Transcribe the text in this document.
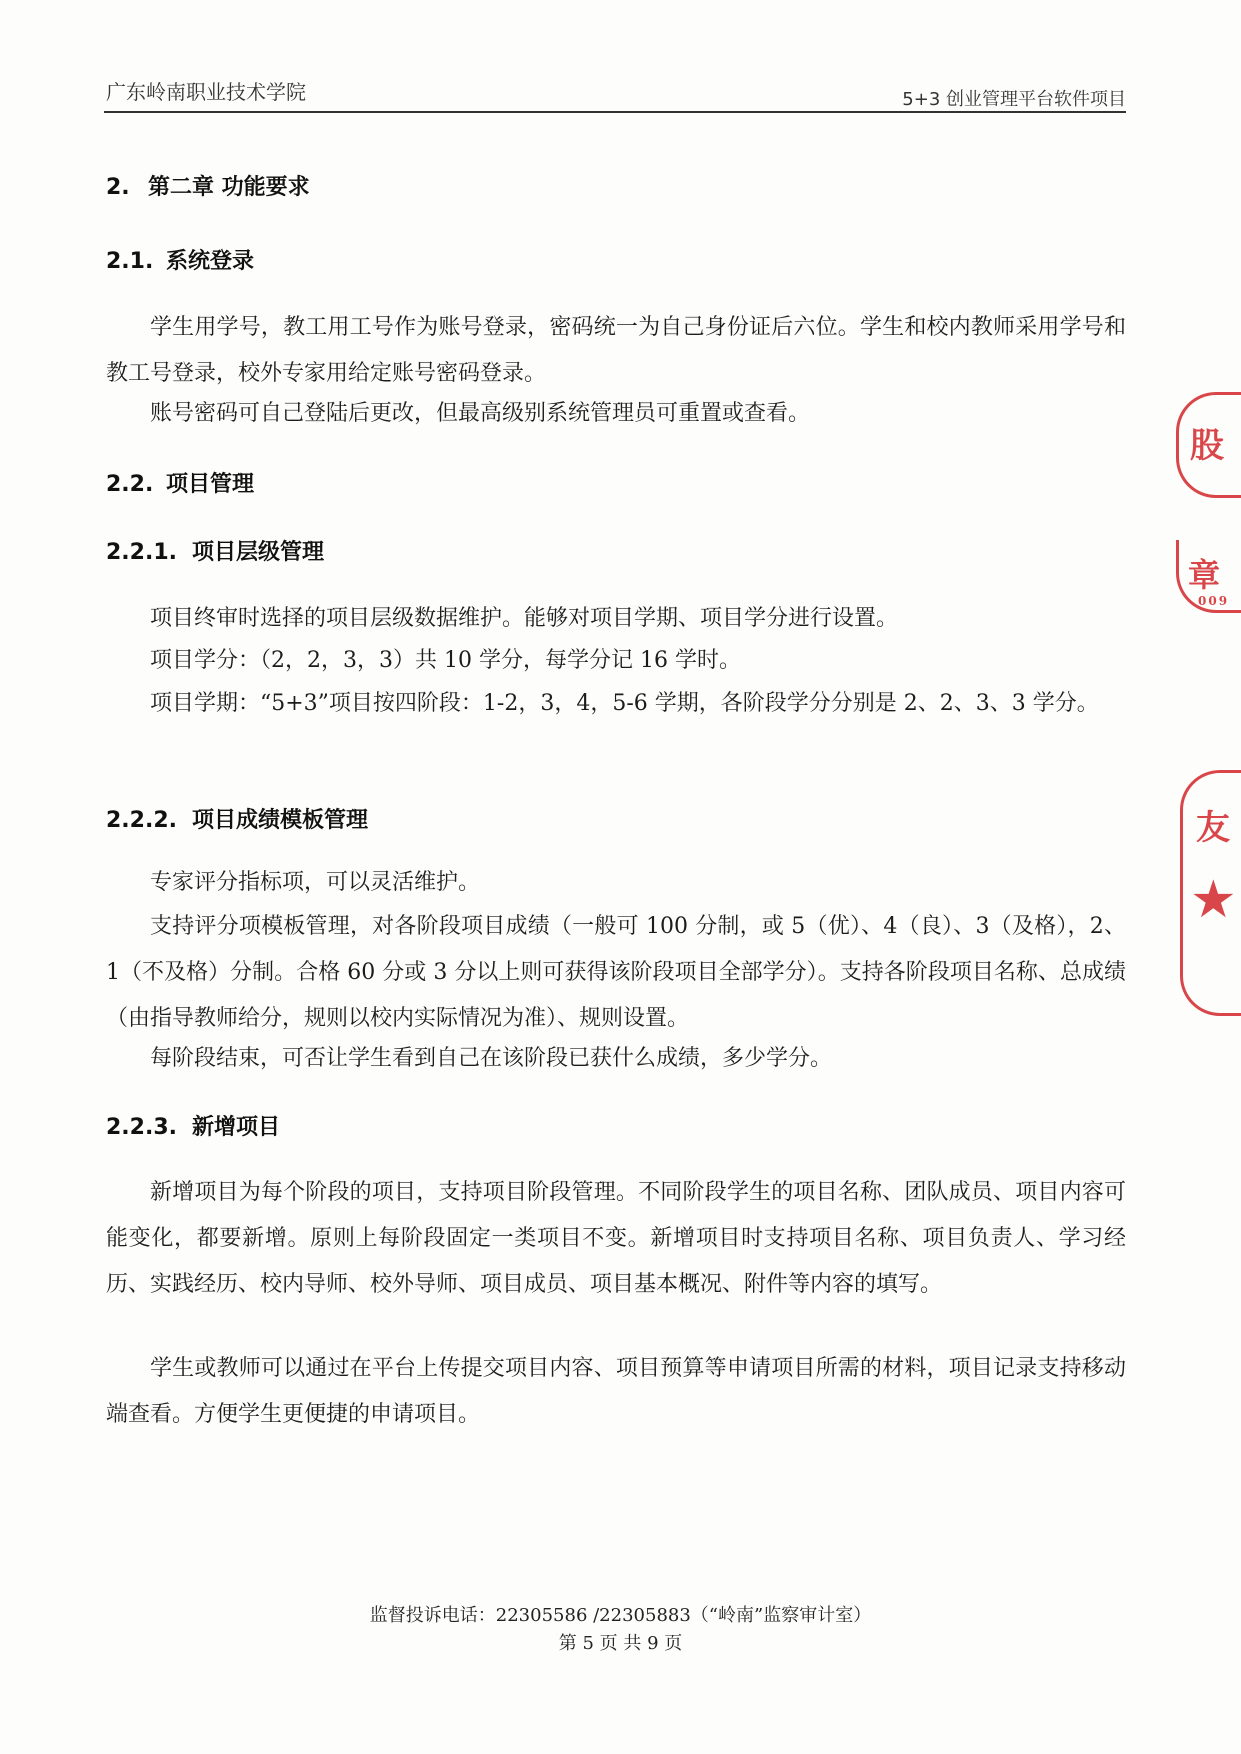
广东岭南职业技术学院	5+3 创业管理平台软件项目
2. 第二章 功能要求
2.1. 系统登录

学生用学号，教工用工号作为账号登录，密码统一为自己身份证后六位。学生和校内教师采用学号和教工号登录，校外专家用给定账号密码登录。

账号密码可自己登陆后更改，但最高级别系统管理员可重置或查看。

2.2. 项目管理
2.2.1. 项目层级管理

项目终审时选择的项目层级数据维护。能够对项目学期、项目学分进行设置。

项目学分：（2，2，3，3）共 10 学分，每学分记 16 学时。

项目学期：“5+3”项目按四阶段：1-2，3，4，5-6 学期，各阶段学分分别是 2、2、3、3 学分。

2.2.2. 项目成绩模板管理

专家评分指标项，可以灵活维护。

支持评分项模板管理，对各阶段项目成绩（一般可 100 分制，或 5（优）、4（良）、3（及格），2、1（不及格）分制。合格 60 分或 3 分以上则可获得该阶段项目全部学分）。支持各阶段项目名称、总成绩（由指导教师给分，规则以校内实际情况为准）、规则设置。

每阶段结束，可否让学生看到自己在该阶段已获什么成绩，多少学分。

2.2.3. 新增项目

新增项目为每个阶段的项目，支持项目阶段管理。不同阶段学生的项目名称、团队成员、项目内容可能变化，都要新增。原则上每阶段固定一类项目不变。新增项目时支持项目名称、项目负责人、学习经历、实践经历、校内导师、校外导师、项目成员、项目基本概况、附件等内容的填写。

学生或教师可以通过在平台上传提交项目内容、项目预算等申请项目所需的材料，项目记录支持移动端查看。方便学生更便捷的申请项目。

监督投诉电话：22305586 /22305883（“岭南”监察审计室）
第 5 页 共 9 页
股
章
009
友
★
